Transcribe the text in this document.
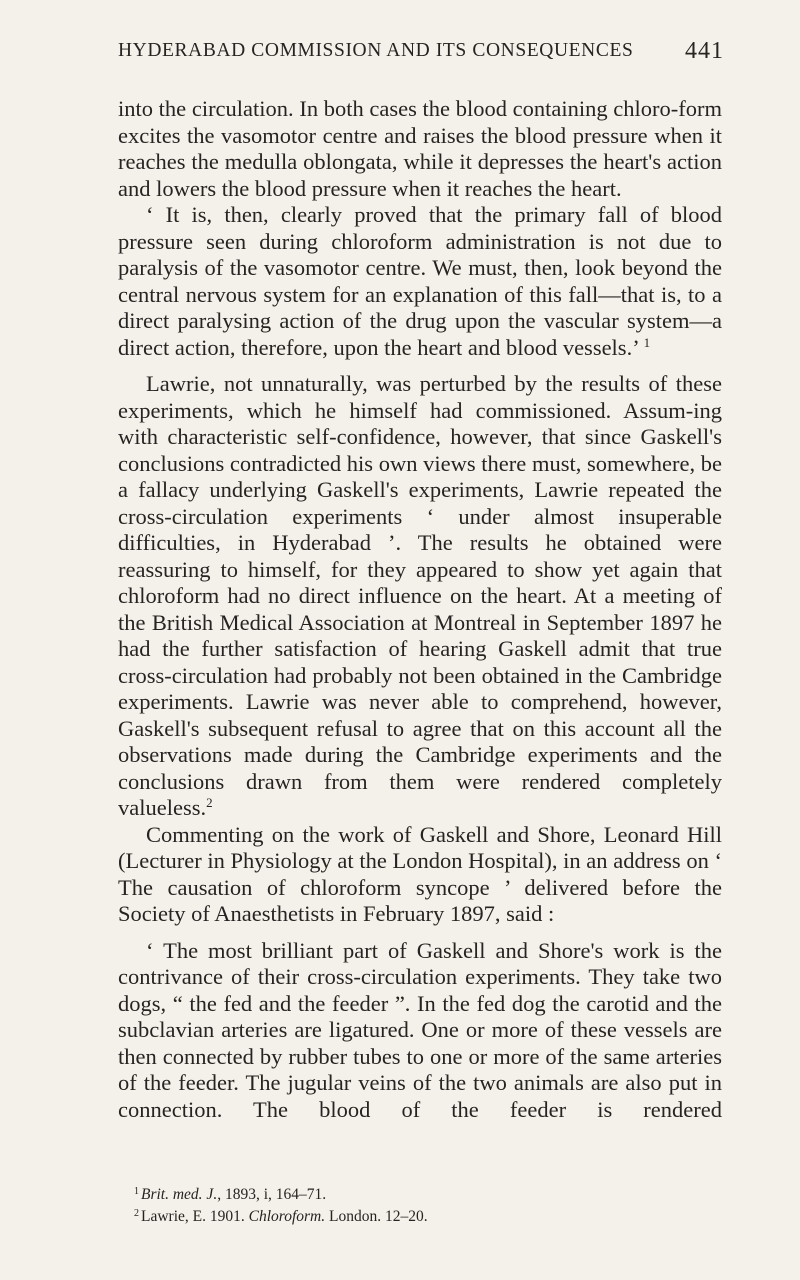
HYDERABAD COMMISSION AND ITS CONSEQUENCES 441

into the circulation. In both cases the blood containing chloro-form excites the vasomotor centre and raises the blood pressure when it reaches the medulla oblongata, while it depresses the heart's action and lowers the blood pressure when it reaches the heart.

‘ It is, then, clearly proved that the primary fall of blood pressure seen during chloroform administration is not due to paralysis of the vasomotor centre. We must, then, look beyond the central nervous system for an explanation of this fall—that is, to a direct paralysing action of the drug upon the vascular system—a direct action, therefore, upon the heart and blood vessels.’ $^1$

Lawrie, not unnaturally, was perturbed by the results of these experiments, which he himself had commissioned. Assum-ing with characteristic self-confidence, however, that since Gaskell's conclusions contradicted his own views there must, somewhere, be a fallacy underlying Gaskell's experiments, Lawrie repeated the cross-circulation experiments ‘ under almost insuperable difficulties, in Hyderabad ’. The results he obtained were reassuring to himself, for they appeared to show yet again that chloroform had no direct influence on the heart. At a meeting of the British Medical Association at Montreal in September 1897 he had the further satisfaction of hearing Gaskell admit that true cross-circulation had probably not been obtained in the Cambridge experiments. Lawrie was never able to comprehend, however, Gaskell's subsequent refusal to agree that on this account all the observations made during the Cambridge experiments and the conclusions drawn from them were rendered completely valueless.$^2$

Commenting on the work of Gaskell and Shore, Leonard Hill (Lecturer in Physiology at the London Hospital), in an address on ‘ The causation of chloroform syncope ’ delivered before the Society of Anaesthetists in February 1897, said :

‘ The most brilliant part of Gaskell and Shore's work is the contrivance of their cross-circulation experiments. They take two dogs, “ the fed and the feeder ”. In the fed dog the carotid and the subclavian arteries are ligatured. One or more of these vessels are then connected by rubber tubes to one or more of the same arteries of the feeder. The jugular veins of the two animals are also put in connection. The blood of the feeder is rendered

$^1$ Brit. med. J., 1893, i, 164–71.

$^2$ Lawrie, E. 1901. Chloroform. London. 12–20.
